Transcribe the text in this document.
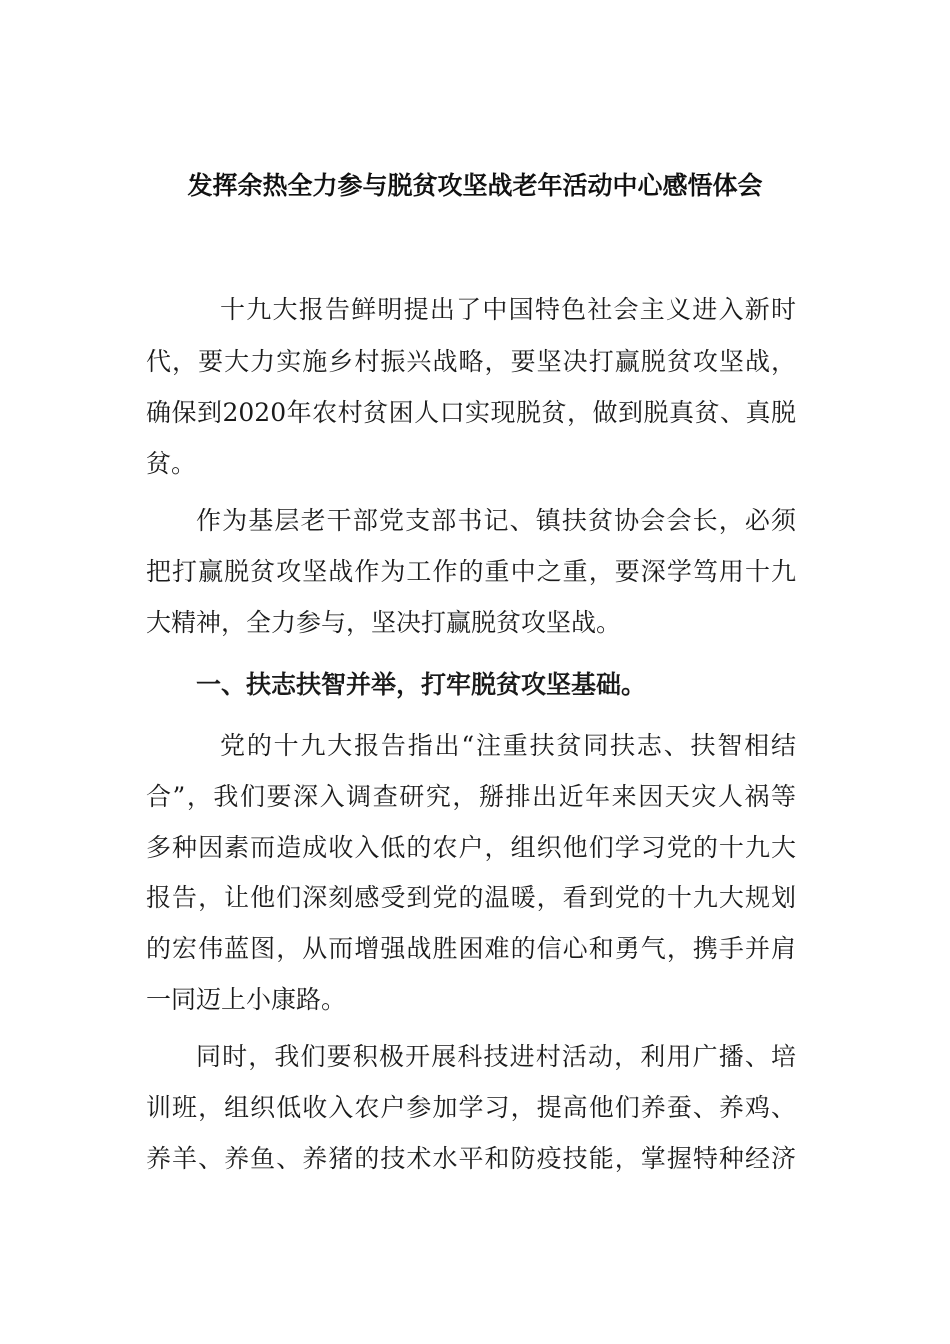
发挥余热全力参与脱贫攻坚战老年活动中心感悟体会
十九大报告鲜明提出了中国特色社会主义进入新时
代，要大力实施乡村振兴战略，要坚决打赢脱贫攻坚战，
确保到2020年农村贫困人口实现脱贫，做到脱真贫、真脱
贫。
作为基层老干部党支部书记、镇扶贫协会会长，必须
把打赢脱贫攻坚战作为工作的重中之重，要深学笃用十九
大精神，全力参与，坚决打赢脱贫攻坚战。
一、扶志扶智并举，打牢脱贫攻坚基础。
党的十九大报告指出“注重扶贫同扶志、扶智相结
合”，我们要深入调查研究，掰排出近年来因天灾人祸等
多种因素而造成收入低的农户，组织他们学习党的十九大
报告，让他们深刻感受到党的温暖，看到党的十九大规划
的宏伟蓝图，从而增强战胜困难的信心和勇气，携手并肩
一同迈上小康路。
同时，我们要积极开展科技进村活动，利用广播、培
训班，组织低收入农户参加学习，提高他们养蚕、养鸡、
养羊、养鱼、养猪的技术水平和防疫技能，掌握特种经济
